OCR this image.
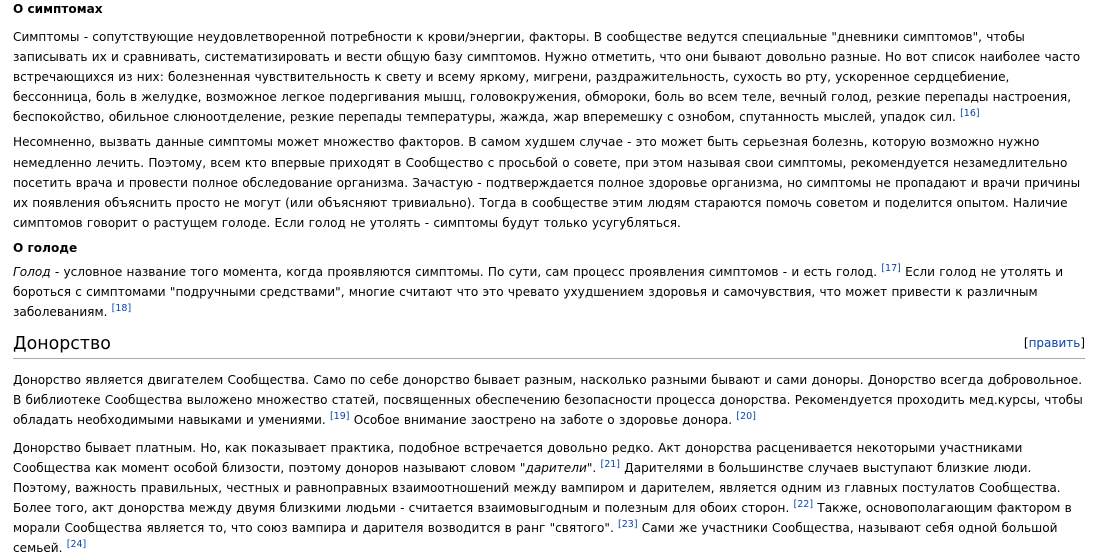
О симптомах

Симптомы - сопутствующие неудовлетворенной потребности к крови/энергии, факторы. В сообществе ведутся специальные "дневники симптомов", чтобы записывать их и сравнивать, систематизировать и вести общую базу симптомов. Нужно отметить, что они бывают довольно разные. Но вот список наиболее часто встречающихся из них: болезненная чувствительность к свету и всему яркому, мигрени, раздражительность, сухость во рту, ускоренное сердцебиение, бессонница, боль в желудке, возможное легкое подергивания мышц, головокружения, обмороки, боль во всем теле, вечный голод, резкие перепады настроения, беспокойство, обильное слюноотделение, резкие перепады температуры, жажда, жар вперемешку с ознобом, спутанность мыслей, упадок сил. [16]

Несомненно, вызвать данные симптомы может множество факторов. В самом худшем случае - это может быть серьезная болезнь, которую возможно нужно немедленно лечить. Поэтому, всем кто впервые приходят в Сообщество с просьбой о совете, при этом называя свои симптомы, рекомендуется незамедлительно посетить врача и провести полное обследование организма. Зачастую - подтверждается полное здоровье организма, но симптомы не пропадают и врачи причины их появления объяснить просто не могут (или объясняют тривиально). Тогда в сообществе этим людям стараются помочь советом и поделится опытом. Наличие симптомов говорит о растущем голоде. Если голод не утолять - симптомы будут только усугубляться.

О голоде

Голод - условное название того момента, когда проявляются симптомы. По сути, сам процесс проявления симптомов - и есть голод. [17] Если голод не утолять и бороться с симптомами "подручными средствами", многие считают что это чревато ухудшением здоровья и самочувствия, что может привести к различным заболеваниям. [18]

Донорство	[править]

Донорство является двигателем Сообщества. Само по себе донорство бывает разным, насколько разными бывают и сами доноры. Донорство всегда добровольное. В библиотеке Сообщества выложено множество статей, посвященных обеспечению безопасности процесса донорства. Рекомендуется проходить мед.курсы, чтобы обладать необходимыми навыками и умениями. [19] Особое внимание заострено на заботе о здоровье донора. [20]

Донорство бывает платным. Но, как показывает практика, подобное встречается довольно редко. Акт донорства расценивается некоторыми участниками Сообщества как момент особой близости, поэтому доноров называют словом "дарители". [21] Дарителями в большинстве случаев выступают близкие люди. Поэтому, важность правильных, честных и равноправных взаимоотношений между вампиром и дарителем, является одним из главных постулатов Сообщества. Более того, акт донорства между двумя близкими людьми - считается взаимовыгодным и полезным для обоих сторон. [22] Также, основополагающим фактором в морали Сообщества является то, что союз вампира и дарителя возводится в ранг "святого". [23] Сами же участники Сообщества, называют себя одной большой семьей. [24]
